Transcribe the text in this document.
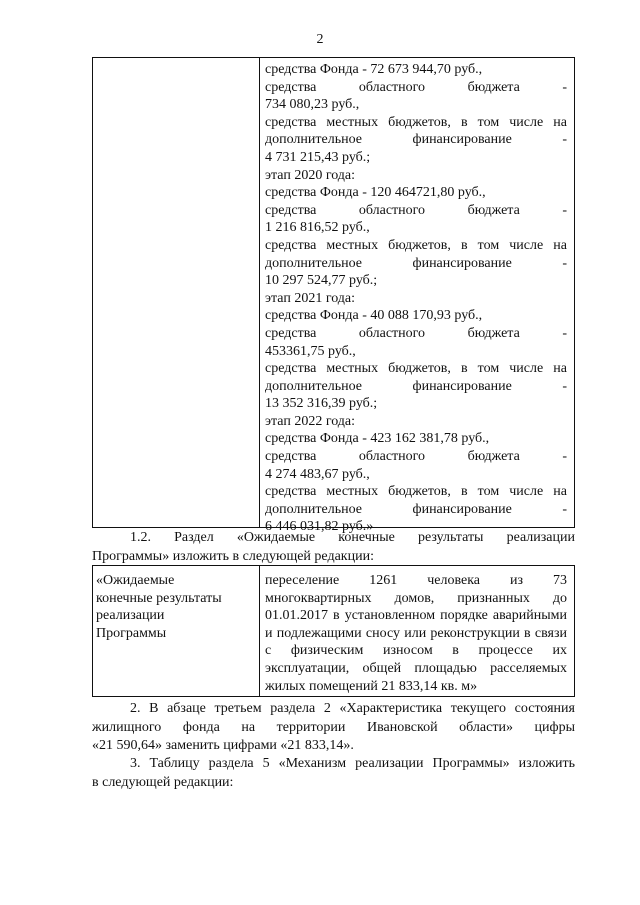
2
средства Фонда - 72 673 944,70 руб.,
средства областного бюджета -
734 080,23 руб.,
средства местных бюджетов, в том числе на
дополнительное финансирование -
4 731 215,43 руб.;
этап 2020 года:
средства Фонда - 120 464721,80 руб.,
средства областного бюджета -
1 216 816,52 руб.,
средства местных бюджетов, в том числе на
дополнительное финансирование -
10 297 524,77 руб.;
этап 2021 года:
средства Фонда - 40 088 170,93 руб.,
средства областного бюджета -
453361,75 руб.,
средства местных бюджетов, в том числе на
дополнительное финансирование -
13 352 316,39 руб.;
этап 2022 года:
средства Фонда - 423 162 381,78 руб.,
средства областного бюджета -
4 274 483,67 руб.,
средства местных бюджетов, в том числе на
дополнительное финансирование -
6 446 031,82 руб.»
1.2. Раздел «Ожидаемые конечные результаты реализации
Программы» изложить в следующей редакции:
«Ожидаемые
конечные результаты
реализации
Программы
переселение 1261 человека из 73
многоквартирных домов, признанных до
01.01.2017 в установленном порядке аварийными
и подлежащими сносу или реконструкции в связи
с физическим износом в процессе их
эксплуатации, общей площадью расселяемых
жилых помещений 21 833,14 кв. м»
2. В абзаце третьем раздела 2 «Характеристика текущего состояния
жилищного фонда на территории Ивановской области» цифры
«21 590,64» заменить цифрами «21 833,14».
3. Таблицу раздела 5 «Механизм реализации Программы» изложить
в следующей редакции:
